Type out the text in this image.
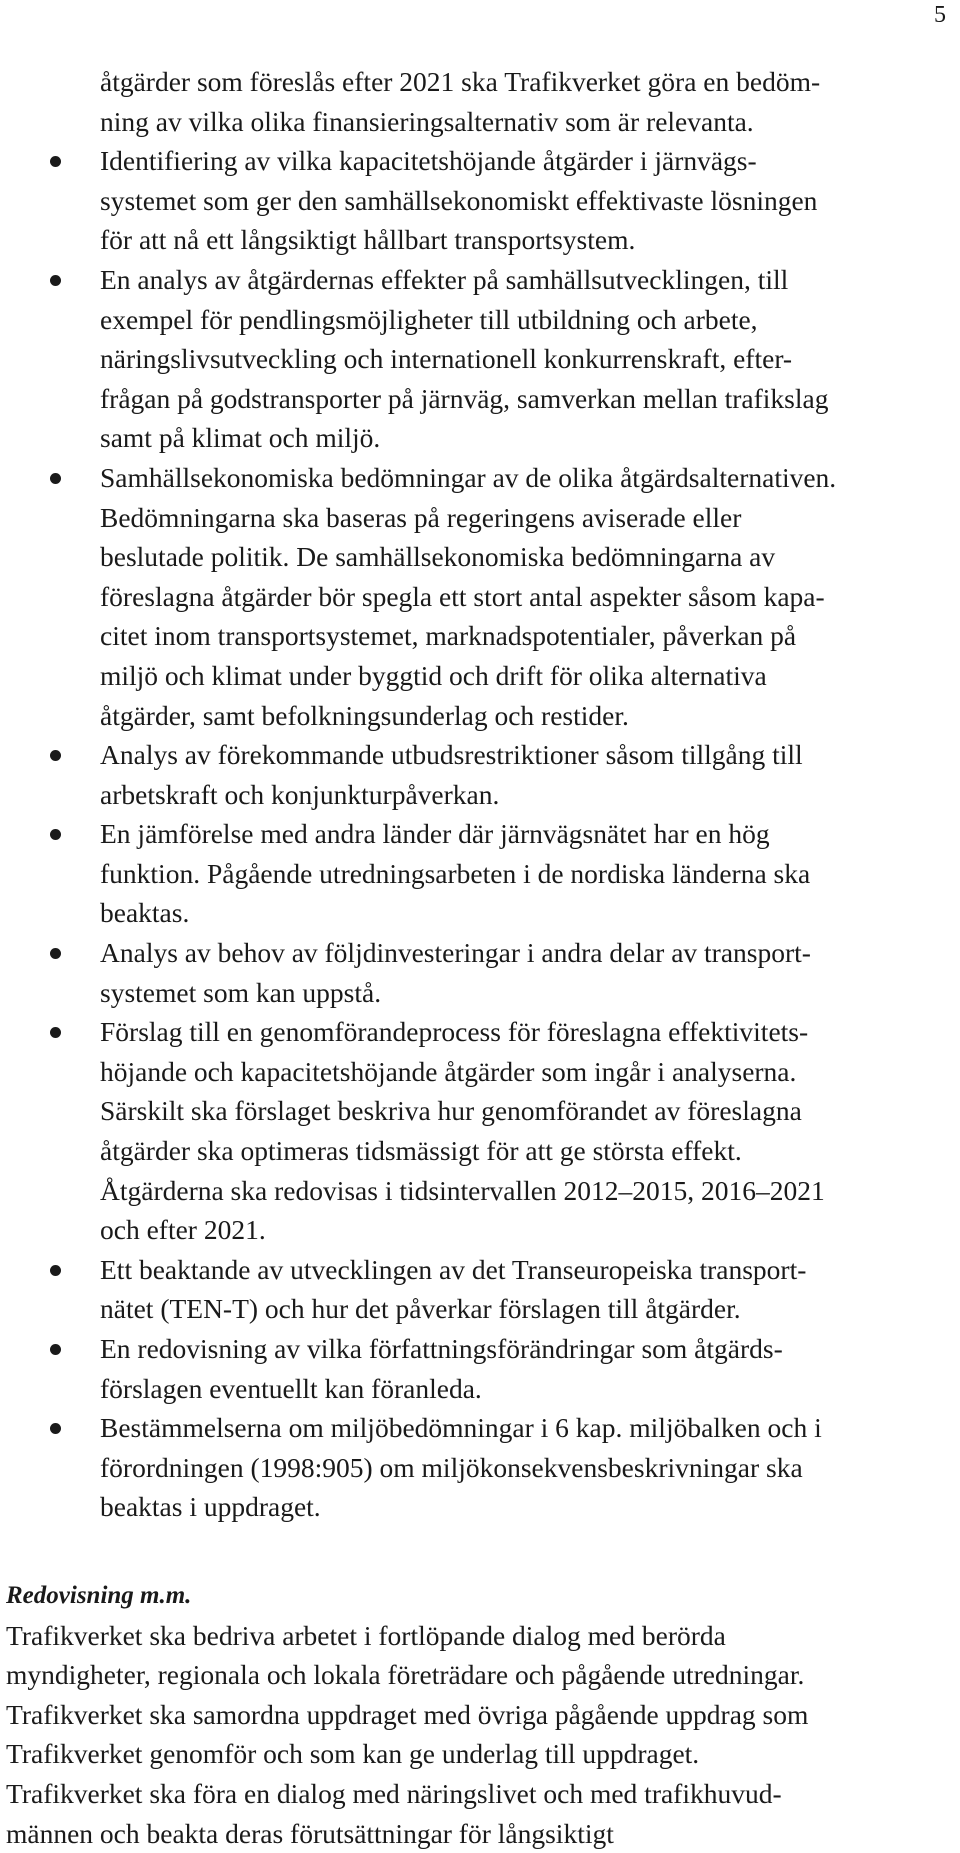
5
åtgärder som föreslås efter 2021 ska Trafikverket göra en bedöm-
ning av vilka olika finansieringsalternativ som är relevanta.
Identifiering av vilka kapacitetshöjande åtgärder i järnvägs-
systemet som ger den samhällsekonomiskt effektivaste lösningen
för att nå ett långsiktigt hållbart transportsystem.
En analys av åtgärdernas effekter på samhällsutvecklingen, till
exempel för pendlingsmöjligheter till utbildning och arbete,
näringslivsutveckling och internationell konkurrenskraft, efter-
frågan på godstransporter på järnväg, samverkan mellan trafikslag
samt på klimat och miljö.
Samhällsekonomiska bedömningar av de olika åtgärdsalternativen.
Bedömningarna ska baseras på regeringens aviserade eller
beslutade politik. De samhällsekonomiska bedömningarna av
föreslagna åtgärder bör spegla ett stort antal aspekter såsom kapa-
citet inom transportsystemet, marknadspotentialer, påverkan på
miljö och klimat under byggtid och drift för olika alternativa
åtgärder, samt befolkningsunderlag och restider.
Analys av förekommande utbudsrestriktioner såsom tillgång till
arbetskraft och konjunkturpåverkan.
En jämförelse med andra länder där järnvägsnätet har en hög
funktion. Pågående utredningsarbeten i de nordiska länderna ska
beaktas.
Analys av behov av följdinvesteringar i andra delar av transport-
systemet som kan uppstå.
Förslag till en genomförandeprocess för föreslagna effektivitets-
höjande och kapacitetshöjande åtgärder som ingår i analyserna.
Särskilt ska förslaget beskriva hur genomförandet av föreslagna
åtgärder ska optimeras tidsmässigt för att ge största effekt.
Åtgärderna ska redovisas i tidsintervallen 2012–2015, 2016–2021
och efter 2021.
Ett beaktande av utvecklingen av det Transeuropeiska transport-
nätet (TEN-T) och hur det påverkar förslagen till åtgärder.
En redovisning av vilka författningsförändringar som åtgärds-
förslagen eventuellt kan föranleda.
Bestämmelserna om miljöbedömningar i 6 kap. miljöbalken och i
förordningen (1998:905) om miljökonsekvensbeskrivningar ska
beaktas i uppdraget.
Redovisning m.m.
Trafikverket ska bedriva arbetet i fortlöpande dialog med berörda
myndigheter, regionala och lokala företrädare och pågående utredningar.
Trafikverket ska samordna uppdraget med övriga pågående uppdrag som
Trafikverket genomför och som kan ge underlag till uppdraget.
Trafikverket ska föra en dialog med näringslivet och med trafikhuvud-
männen och beakta deras förutsättningar för långsiktigt
